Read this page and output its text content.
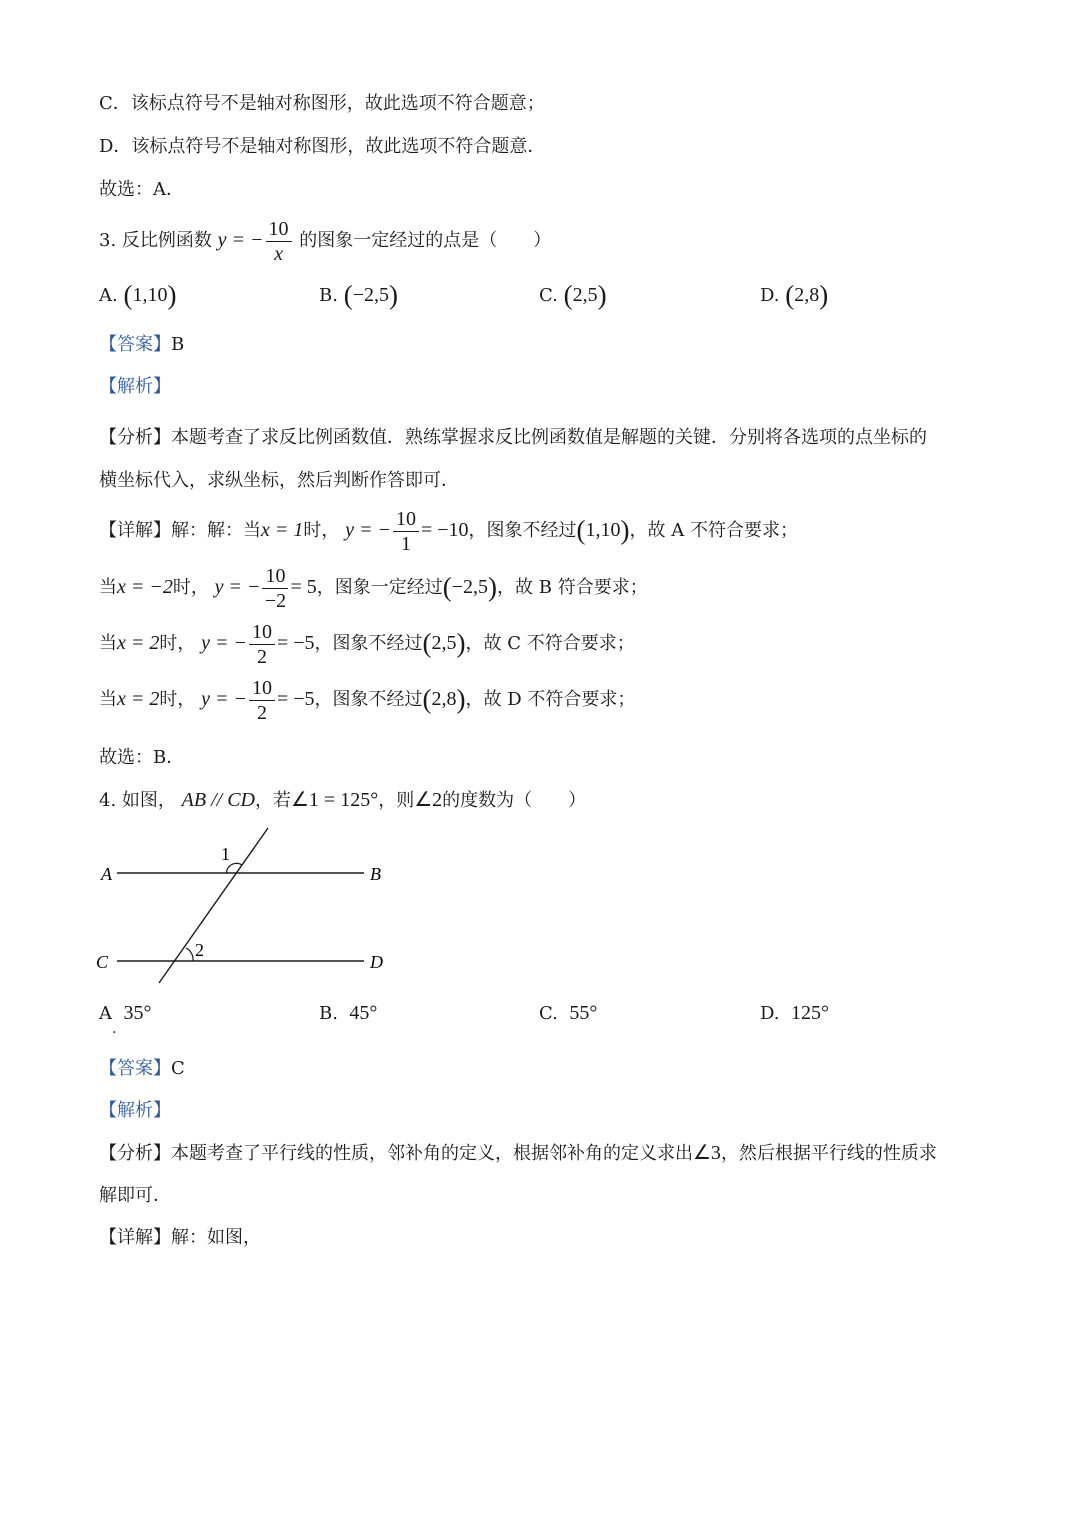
C．该标点符号不是轴对称图形，故此选项不符合题意；
D．该标点符号不是轴对称图形，故此选项不符合题意．
故选：A．
3. 反比例函数 y = − $\frac{10}{x}$ 的图象一定经过的点是（　　）
A. (1,10)	B. (−2,5)	C. (2,5)	D. (2,8)
【答案】B
【解析】
【分析】本题考查了求反比例函数值．熟练掌握求反比例函数值是解题的关键．分别将各选项的点坐标的
横坐标代入，求纵坐标，然后判断作答即可．
【详解】解：解：当x = 1时， y = − $\frac{10}{1} = -10$，图象不经过(1,10)，故 A 不符合要求；
当x = −2时， y = − $\frac{10}{-2} = 5$，图象一定经过(−2,5)，故 B 符合要求；
当x = 2时， y = − $\frac{10}{2} = -5$，图象不经过(2,5)，故 C 不符合要求；
当x = 2时， y = − $\frac{10}{2} = -5$，图象不经过(2,8)，故 D 不符合要求；
故选：B．
4. 如图， AB // CD，若∠1 = 125°，则∠2的度数为（　　）
A	B
C	D
1
2
A 35°	B. 45°	C. 55°	D. 125°
.
【答案】C
【解析】
【分析】本题考查了平行线的性质，邻补角的定义，根据邻补角的定义求出∠3，然后根据平行线的性质求
解即可．
【详解】解：如图，
